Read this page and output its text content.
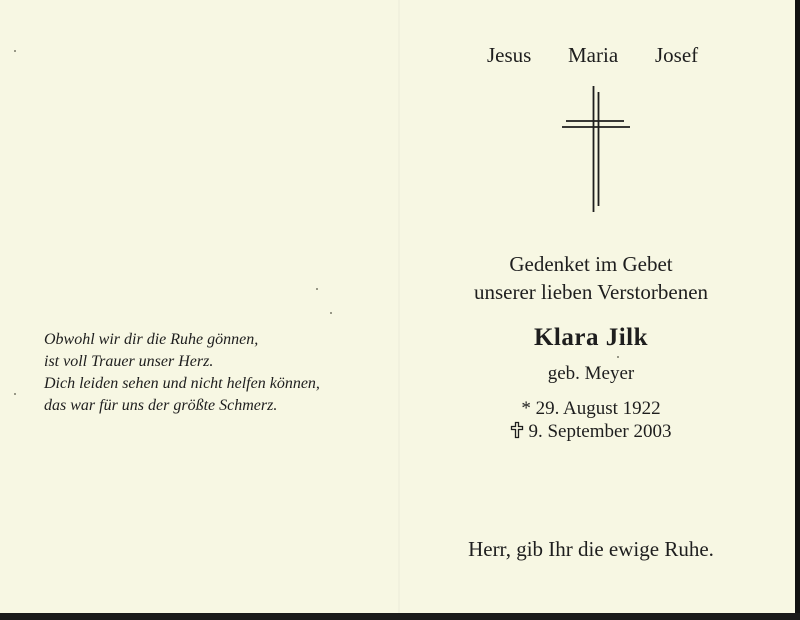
Jesus Maria Josef
Gedenket im Gebet
unserer lieben Verstorbenen
Klara Jilk
geb. Meyer
* 29. August 1922
9. September 2003
Obwohl wir dir die Ruhe gönnen,
ist voll Trauer unser Herz.
Dich leiden sehen und nicht helfen können,
das war für uns der größte Schmerz.
Herr, gib Ihr die ewige Ruhe.
